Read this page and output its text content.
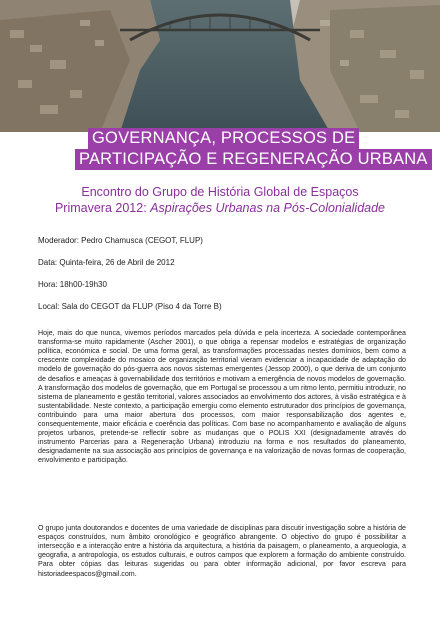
GOVERNANÇA, PROCESSOS DE
PARTICIPAÇÃO E REGENERAÇÃO URBANA
Encontro do Grupo de História Global de Espaços
Primavera 2012: Aspirações Urbanas na Pós-Colonialidade
Moderador: Pedro Chamusca (CEGOT, FLUP)
Data: Quinta-feira, 26 de Abril de 2012
Hora: 18h00-19h30
Local: Sala do CEGOT da FLUP (Piso 4 da Torre B)

Hoje, mais do que nunca, vivemos períodos marcados pela dúvida e pela incerteza. A sociedade contemporânea transforma-se muito rapidamente (Ascher 2001), o que obriga a repensar modelos e estratégias de organização política, económica e social. De uma forma geral, as transformações processadas nestes domínios, bem como a crescente complexidade do mosaico de organização territorial vieram evidenciar a incapacidade de adaptação do modelo de governação do pós-guerra aos novos sistemas emergentes (Jessop 2000), o que deriva de um conjunto de desafios e ameaças à governabilidade dos territórios e motivam a emergência de novos modelos de governação. A transformação dos modelos de governação, que em Portugal se processou a um ritmo lento, permitiu introduzir, no sistema de planeamento e gestão territorial, valores associados ao envolvimento dos actores, à visão estratégica e à sustentabilidade. Neste contexto, a participação emergiu como elemento estruturador dos princípios de governança, contribuindo para uma maior abertura dos processos, com maior responsabilização dos agentes e, consequentemente, maior eficácia e coerência das políticas. Com base no acompanhamento e avaliação de alguns projetos urbanos, pretende-se reflectir sobre as mudanças que o POLIS XXI (designadamente através do instrumento Parcerias para a Regeneração Urbana) introduziu na forma e nos resultados do planeamento, designadamente na sua associação aos princípios de governança e na valorização de novas formas de cooperação, envolvimento e participação.

O grupo junta doutorandos e docentes de uma variedade de disciplinas para discutir investigação sobre a história de espaços construídos, num âmbito oronológico e geográfico abrangente. O objectivo do grupo é possibilitar a intersecção e a interacção entre a história da arquitectura, a história da paisagem, o planeamento, a arqueologia, a geografia, a antropologia, os estudos culturais, e outros campos que explorem a formação do ambiente construído. Para obter cópias das leituras sugeridas ou para obter informação adicional, por favor escreva para historiadeespacos@gmail.com.
